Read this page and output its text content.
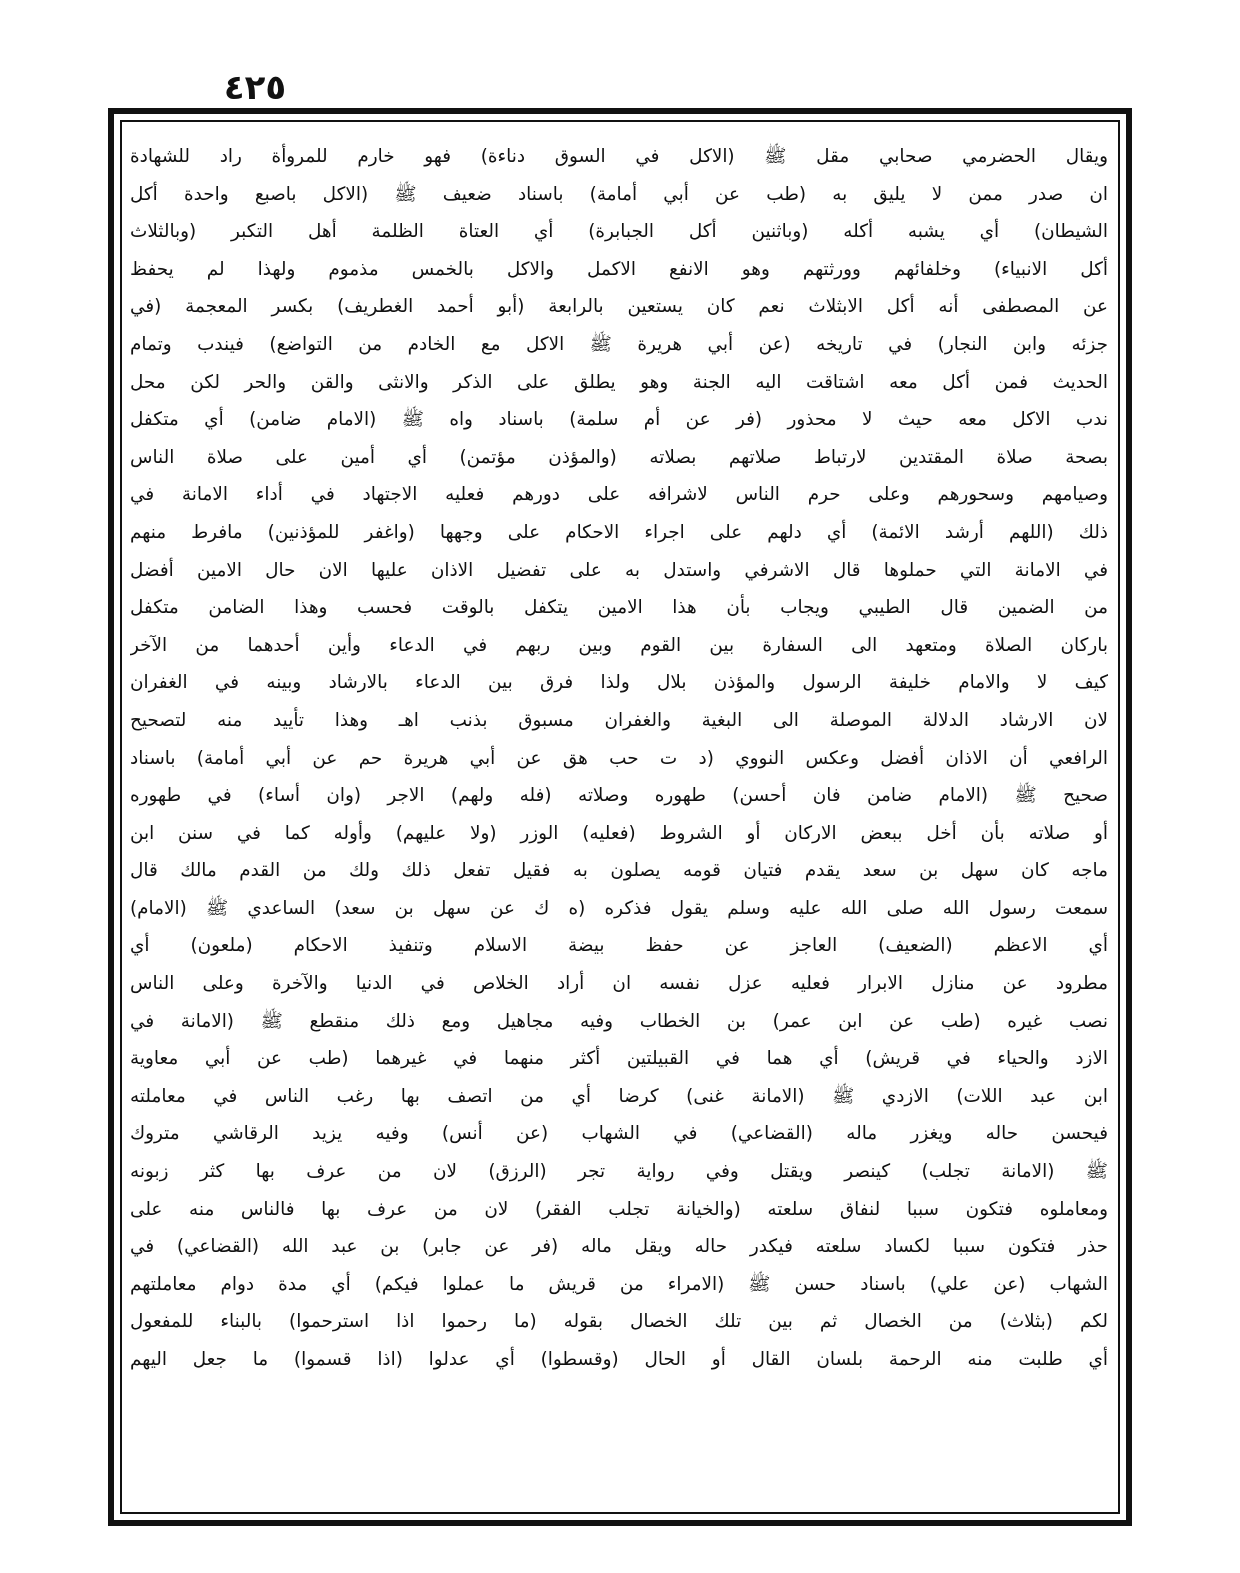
٤٢٥
ويقال الحضرمي صحابي مقل ﷺ (الاكل في السوق دناءة) فهو خارم للمروأة راد للشهادة
ان صدر ممن لا يليق به (طب عن أبي أمامة) باسناد ضعيف ﷺ (الاكل باصبع واحدة أكل
الشيطان) أي يشبه أكله (وباثنين أكل الجبابرة) أي العتاة الظلمة أهل التكبر (وبالثلاث
أكل الانبياء) وخلفائهم وورثتهم وهو الانفع الاكمل والاكل بالخمس مذموم ولهذا لم يحفظ
عن المصطفى أنه أكل الابثلاث نعم كان يستعين بالرابعة (أبو أحمد الغطريف) بكسر المعجمة (في
جزئه وابن النجار) في تاريخه (عن أبي هريرة ﷺ الاكل مع الخادم من التواضع) فيندب وتمام
الحديث فمن أكل معه اشتاقت اليه الجنة وهو يطلق على الذكر والانثى والقن والحر لكن محل
ندب الاكل معه حيث لا محذور (فر عن أم سلمة) باسناد واه ﷺ (الامام ضامن) أي متكفل
بصحة صلاة المقتدين لارتباط صلاتهم بصلاته (والمؤذن مؤتمن) أي أمين على صلاة الناس
وصيامهم وسحورهم وعلى حرم الناس لاشرافه على دورهم فعليه الاجتهاد في أداء الامانة في
ذلك (اللهم أرشد الائمة) أي دلهم على اجراء الاحكام على وجهها (واغفر للمؤذنين) مافرط منهم
في الامانة التي حملوها قال الاشرفي واستدل به على تفضيل الاذان عليها الان حال الامين أفضل
من الضمين قال الطيبي ويجاب بأن هذا الامين يتكفل بالوقت فحسب وهذا الضامن متكفل
باركان الصلاة ومتعهد الى السفارة بين القوم وبين ربهم في الدعاء وأين أحدهما من الآخر
كيف لا والامام خليفة الرسول والمؤذن بلال ولذا فرق بين الدعاء بالارشاد وبينه في الغفران
لان الارشاد الدلالة الموصلة الى البغية والغفران مسبوق بذنب اهـ وهذا تأييد منه لتصحيح
الرافعي أن الاذان أفضل وعكس النووي (د ت حب هق عن أبي هريرة حم عن أبي أمامة) باسناد
صحيح ﷺ (الامام ضامن فان أحسن) طهوره وصلاته (فله ولهم) الاجر (وان أساء) في طهوره
أو صلاته بأن أخل ببعض الاركان أو الشروط (فعليه) الوزر (ولا عليهم) وأوله كما في سنن ابن
ماجه كان سهل بن سعد يقدم فتيان قومه يصلون به فقيل تفعل ذلك ولك من القدم مالك قال
سمعت رسول الله صلى الله عليه وسلم يقول فذكره (ه ك عن سهل بن سعد) الساعدي ﷺ (الامام)
أي الاعظم (الضعيف) العاجز عن حفظ بيضة الاسلام وتنفيذ الاحكام (ملعون) أي
مطرود عن منازل الابرار فعليه عزل نفسه ان أراد الخلاص في الدنيا والآخرة وعلى الناس
نصب غيره (طب عن ابن عمر) بن الخطاب وفيه مجاهيل ومع ذلك منقطع ﷺ (الامانة في
الازد والحياء في قريش) أي هما في القبيلتين أكثر منهما في غيرهما (طب عن أبي معاوية
ابن عبد اللات) الازدي ﷺ (الامانة غنى) كرضا أي من اتصف بها رغب الناس في معاملته
فيحسن حاله ويغزر ماله (القضاعي) في الشهاب (عن أنس) وفيه يزيد الرقاشي متروك
ﷺ (الامانة تجلب) كينصر ويقتل وفي رواية تجر (الرزق) لان من عرف بها كثر زبونه
ومعاملوه فتكون سببا لنفاق سلعته (والخيانة تجلب الفقر) لان من عرف بها فالناس منه على
حذر فتكون سببا لكساد سلعته فيكدر حاله ويقل ماله (فر عن جابر) بن عبد الله (القضاعي) في
الشهاب (عن علي) باسناد حسن ﷺ (الامراء من قريش ما عملوا فيكم) أي مدة دوام معاملتهم
لكم (بثلاث) من الخصال ثم بين تلك الخصال بقوله (ما رحموا اذا استرحموا) بالبناء للمفعول
أي طلبت منه الرحمة بلسان القال أو الحال (وقسطوا) أي عدلوا (اذا قسموا) ما جعل اليهم
